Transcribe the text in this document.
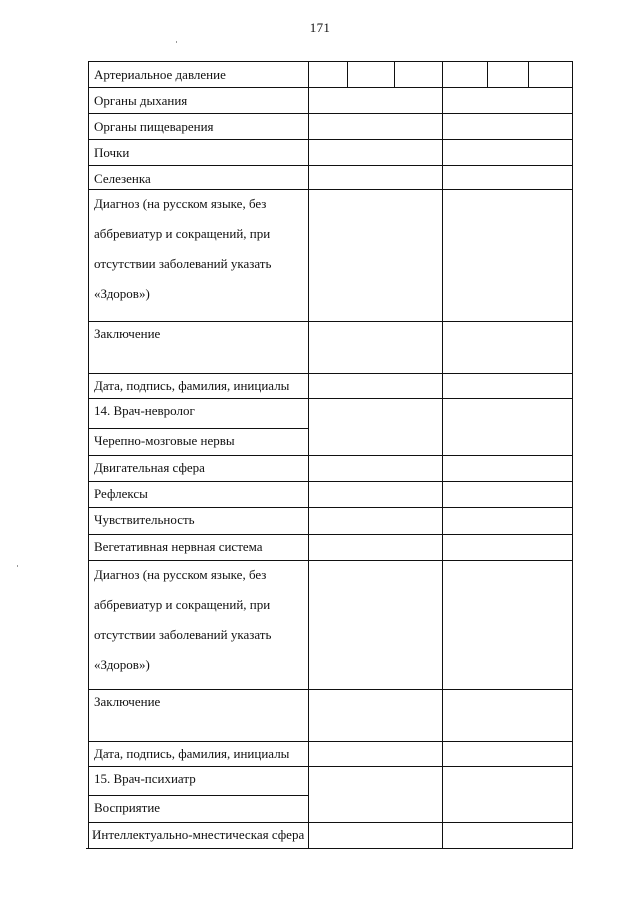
171
Артериальное давление
Органы дыхания
Органы пищеварения
Почки
Селезенка
Диагноз (на русском языке, без
аббревиатур и сокращений, при
отсутствии заболеваний указать
«Здоров»)
Заключение
Дата, подпись, фамилия, инициалы
14. Врач-невролог
Черепно-мозговые нервы
Двигательная сфера
Рефлексы
Чувствительность
Вегетативная нервная система
Диагноз (на русском языке, без
аббревиатур и сокращений, при
отсутствии заболеваний указать
«Здоров»)
Заключение
Дата, подпись, фамилия, инициалы
15. Врач-психиатр
Восприятие
Интеллектуально-мнестическая сфера
